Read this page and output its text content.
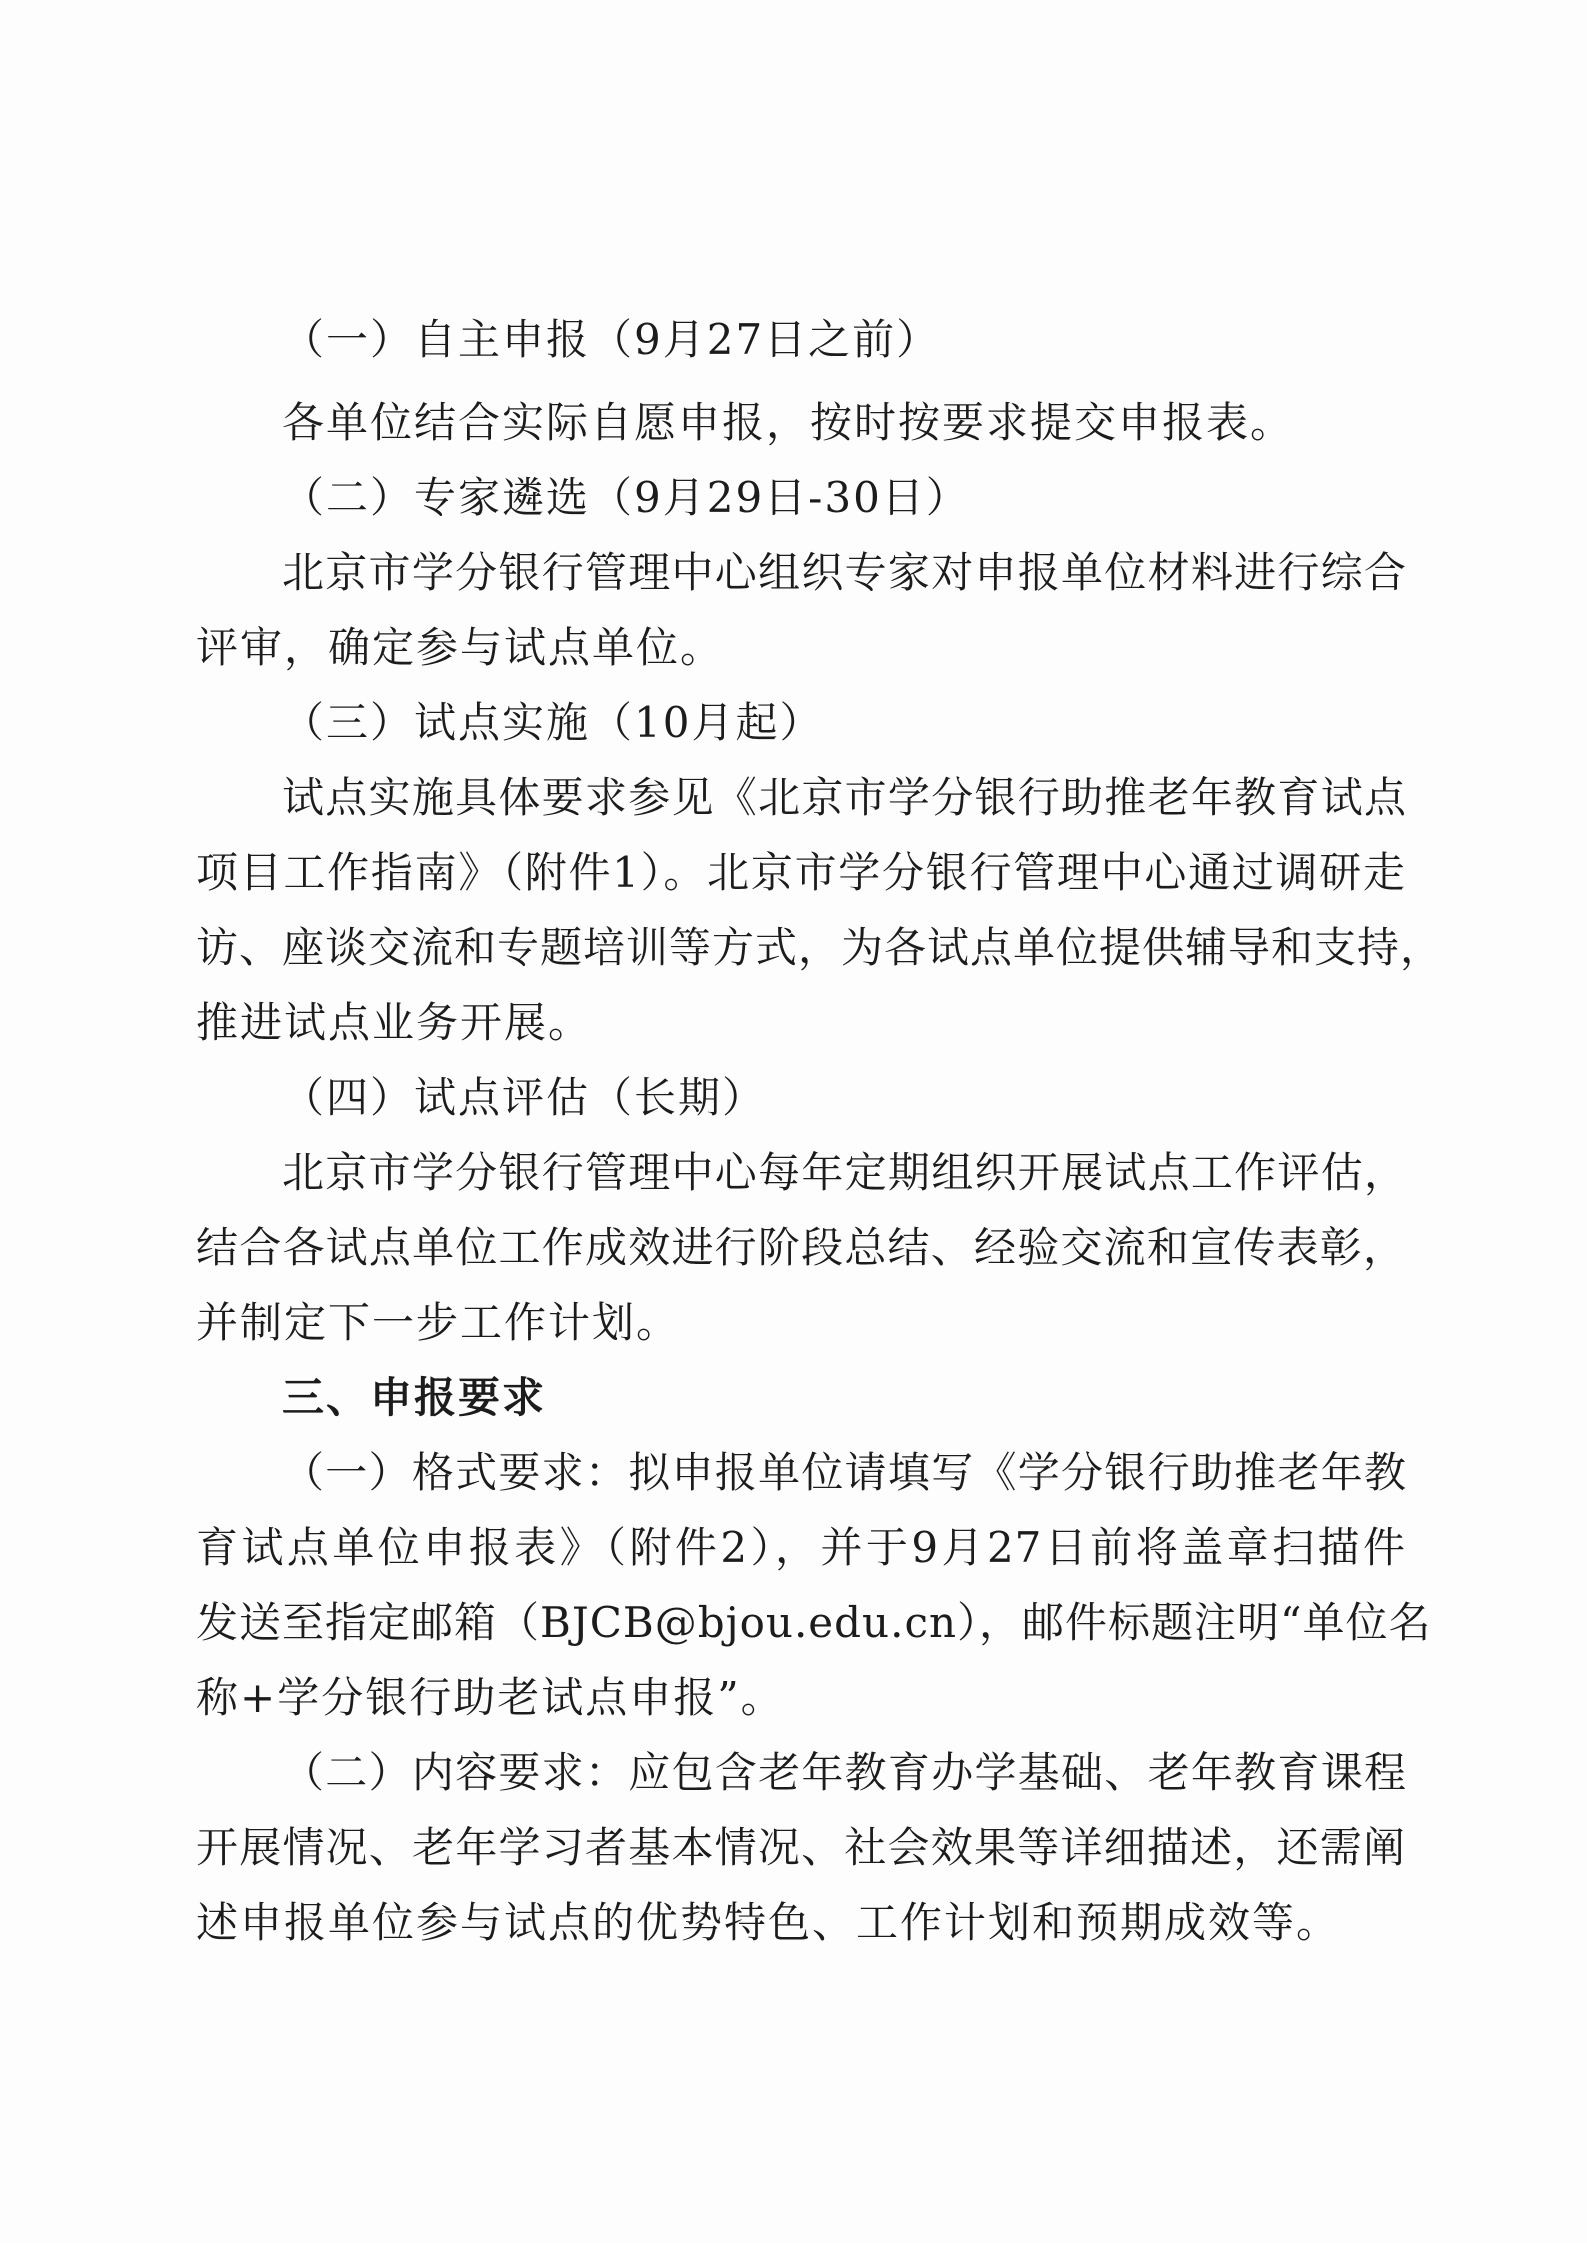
（一）自主申报（9月27日之前）
各单位结合实际自愿申报，按时按要求提交申报表。
（二）专家遴选（9月29日-30日）
北京市学分银行管理中心组织专家对申报单位材料进行综合
评审，确定参与试点单位。
（三）试点实施（10月起）
试点实施具体要求参见《北京市学分银行助推老年教育试点
项目工作指南》（附件1）。北京市学分银行管理中心通过调研走
访、座谈交流和专题培训等方式，为各试点单位提供辅导和支持，
推进试点业务开展。
（四）试点评估（长期）
北京市学分银行管理中心每年定期组织开展试点工作评估，
结合各试点单位工作成效进行阶段总结、经验交流和宣传表彰，
并制定下一步工作计划。
三、申报要求
（一）格式要求：拟申报单位请填写《学分银行助推老年教
育试点单位申报表》（附件2），并于9月27日前将盖章扫描件
发送至指定邮箱（BJCB@bjou.edu.cn），邮件标题注明“单位名
称+学分银行助老试点申报”。
（二）内容要求：应包含老年教育办学基础、老年教育课程
开展情况、老年学习者基本情况、社会效果等详细描述，还需阐
述申报单位参与试点的优势特色、工作计划和预期成效等。
